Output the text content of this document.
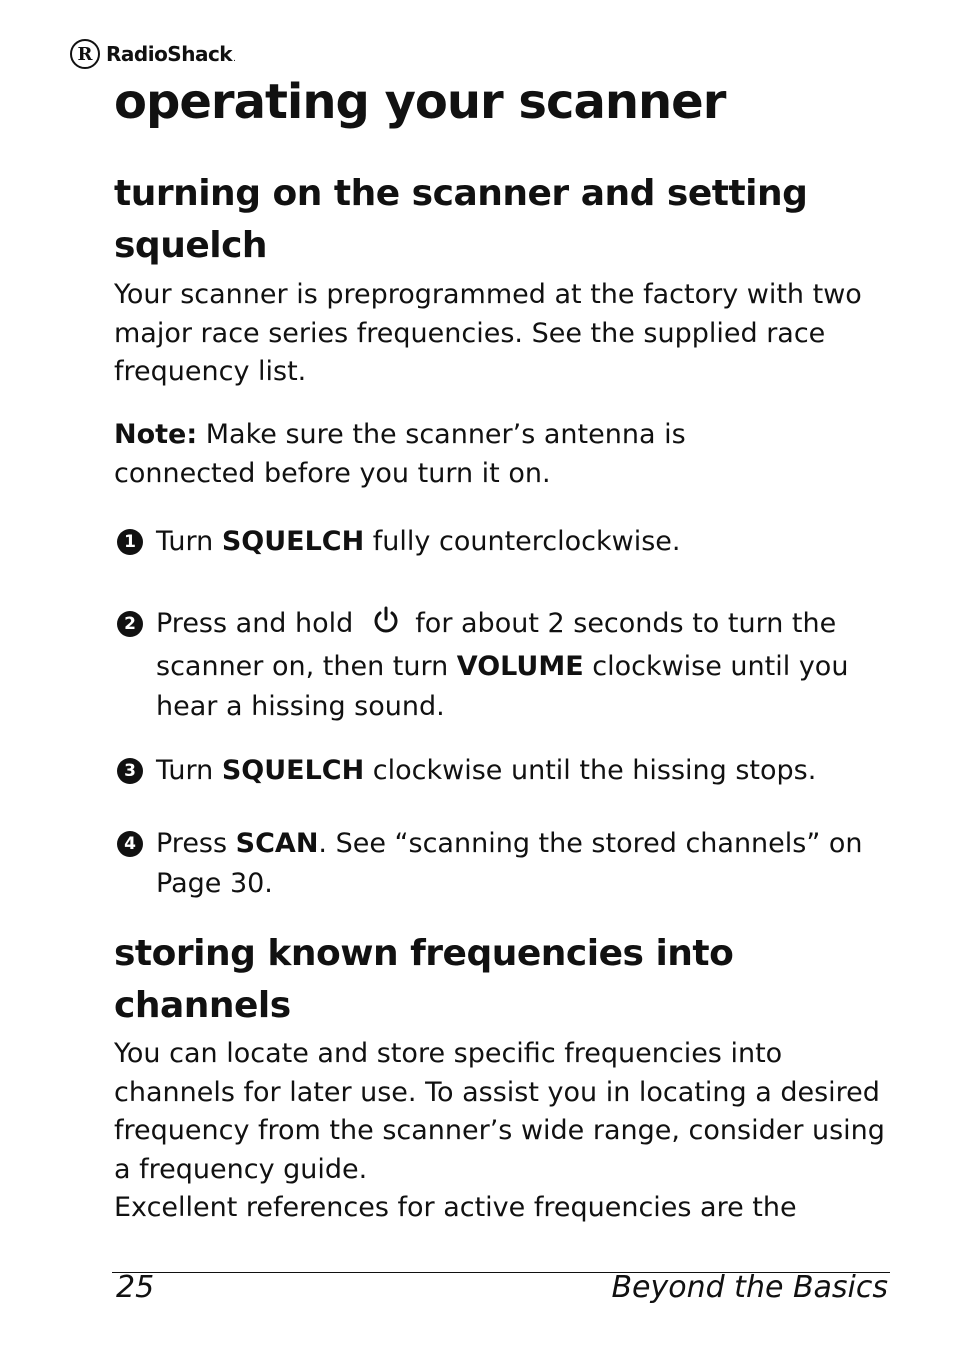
R RadioShack .
operating your scanner
turning on the scanner and setting
squelch

Your scanner is preprogrammed at the factory with two major race series frequencies. See the supplied race frequency list.

Note: Make sure the scanner’s antenna is connected before you turn it on.

1 Turn SQUELCH fully counterclockwise.
2 Press and hold for about 2 seconds to turn the scanner on, then turn VOLUME clockwise until you hear a hissing sound.
3 Turn SQUELCH clockwise until the hissing stops.
4 Press SCAN. See “scanning the stored channels” on Page 30.
storing known frequencies into
channels

You can locate and store specific frequencies into channels for later use. To assist you in locating a desired frequency from the scanner’s wide range, consider using a frequency guide.

Excellent references for active frequencies are the

25	Beyond the Basics
